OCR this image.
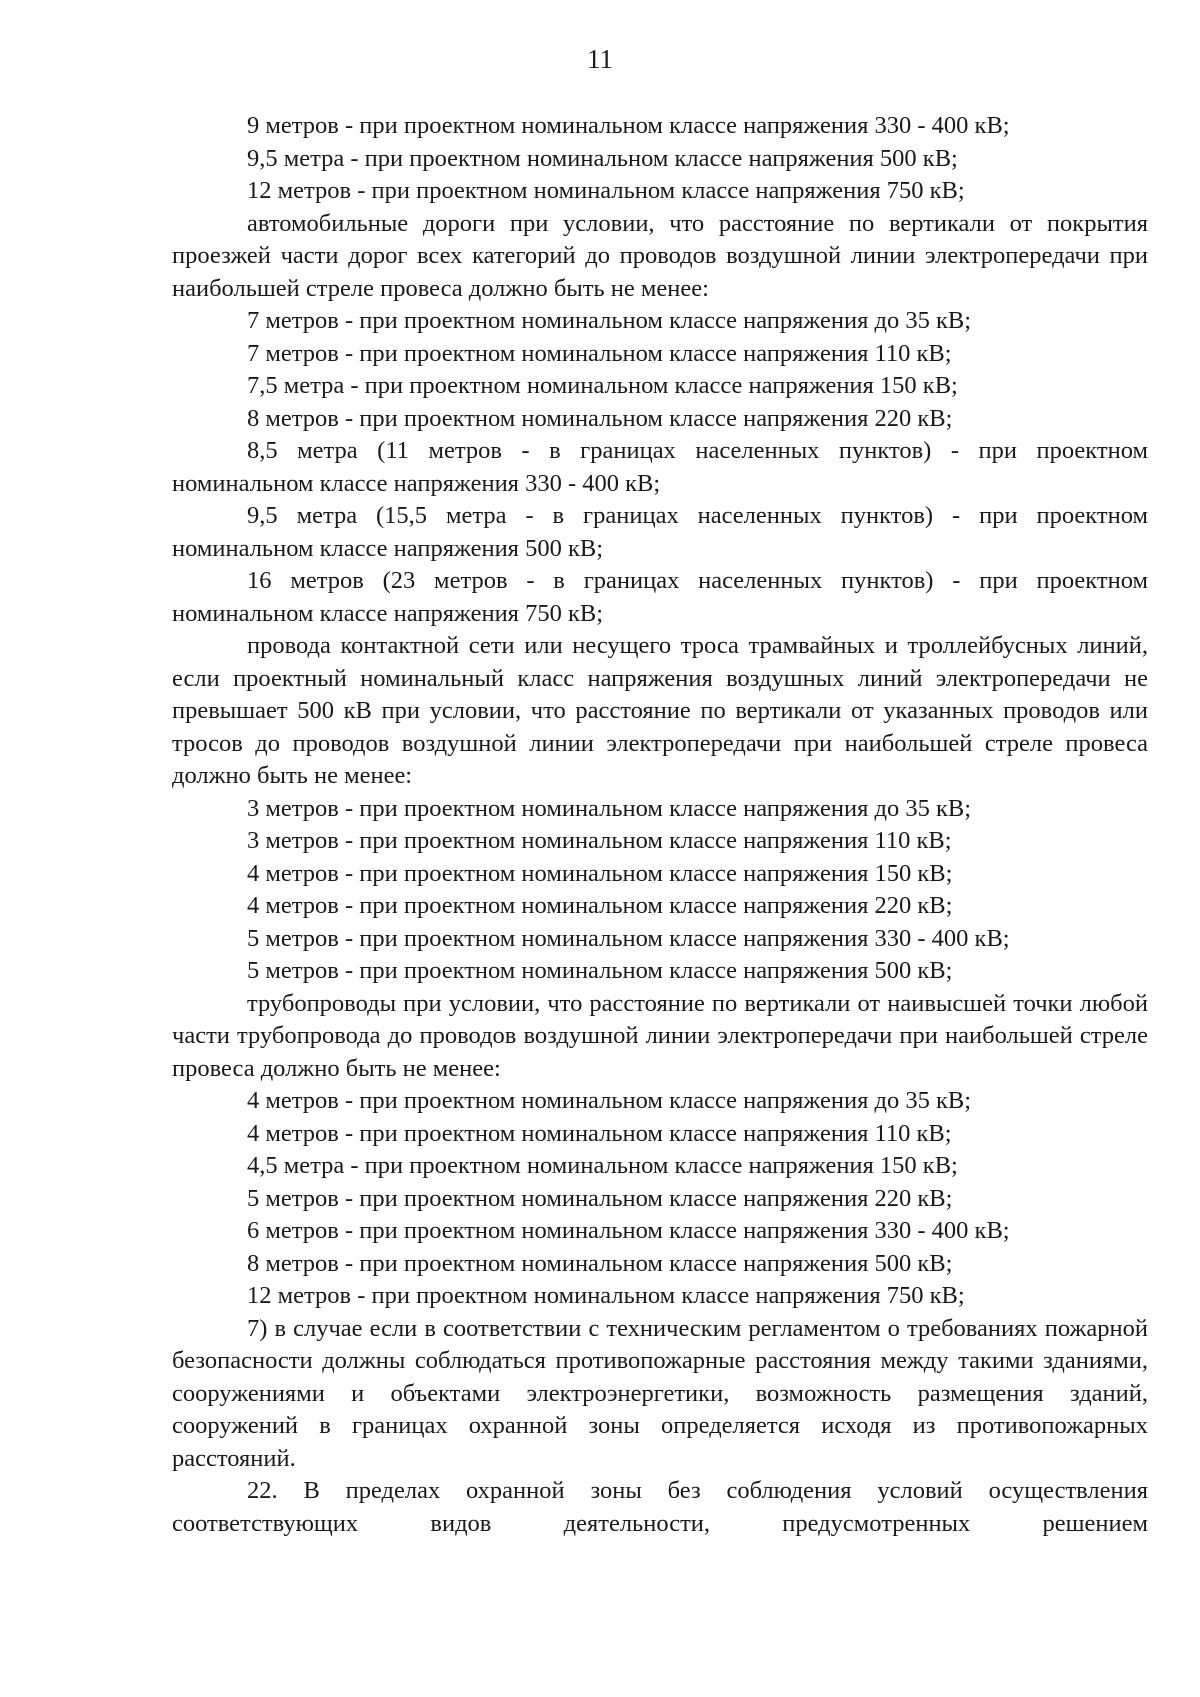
11

9 метров - при проектном номинальном классе напряжения 330 - 400 кВ;

9,5 метра - при проектном номинальном классе напряжения 500 кВ;

12 метров - при проектном номинальном классе напряжения 750 кВ;

автомобильные дороги при условии, что расстояние по вертикали от покрытия проезжей части дорог всех категорий до проводов воздушной линии электропередачи при наибольшей стреле провеса должно быть не менее:

7 метров - при проектном номинальном классе напряжения до 35 кВ;

7 метров - при проектном номинальном классе напряжения 110 кВ;

7,5 метра - при проектном номинальном классе напряжения 150 кВ;

8 метров - при проектном номинальном классе напряжения 220 кВ;

8,5 метра (11 метров - в границах населенных пунктов) - при проектном номинальном классе напряжения 330 - 400 кВ;

9,5 метра (15,5 метра - в границах населенных пунктов) - при проектном номинальном классе напряжения 500 кВ;

16 метров (23 метров - в границах населенных пунктов) - при проектном номинальном классе напряжения 750 кВ;

провода контактной сети или несущего троса трамвайных и троллейбусных линий, если проектный номинальный класс напряжения воздушных линий электропередачи не превышает 500 кВ при условии, что расстояние по вертикали от указанных проводов или тросов до проводов воздушной линии электропередачи при наибольшей стреле провеса должно быть не менее:

3 метров - при проектном номинальном классе напряжения до 35 кВ;

3 метров - при проектном номинальном классе напряжения 110 кВ;

4 метров - при проектном номинальном классе напряжения 150 кВ;

4 метров - при проектном номинальном классе напряжения 220 кВ;

5 метров - при проектном номинальном классе напряжения 330 - 400 кВ;

5 метров - при проектном номинальном классе напряжения 500 кВ;

трубопроводы при условии, что расстояние по вертикали от наивысшей точки любой части трубопровода до проводов воздушной линии электропередачи при наибольшей стреле провеса должно быть не менее:

4 метров - при проектном номинальном классе напряжения до 35 кВ;

4 метров - при проектном номинальном классе напряжения 110 кВ;

4,5 метра - при проектном номинальном классе напряжения 150 кВ;

5 метров - при проектном номинальном классе напряжения 220 кВ;

6 метров - при проектном номинальном классе напряжения 330 - 400 кВ;

8 метров - при проектном номинальном классе напряжения 500 кВ;

12 метров - при проектном номинальном классе напряжения 750 кВ;

7) в случае если в соответствии с техническим регламентом о требованиях пожарной безопасности должны соблюдаться противопожарные расстояния между такими зданиями, сооружениями и объектами электроэнергетики, возможность размещения зданий, сооружений в границах охранной зоны определяется исходя из противопожарных расстояний.

22. В пределах охранной зоны без соблюдения условий осуществления соответствующих видов деятельности, предусмотренных решением
